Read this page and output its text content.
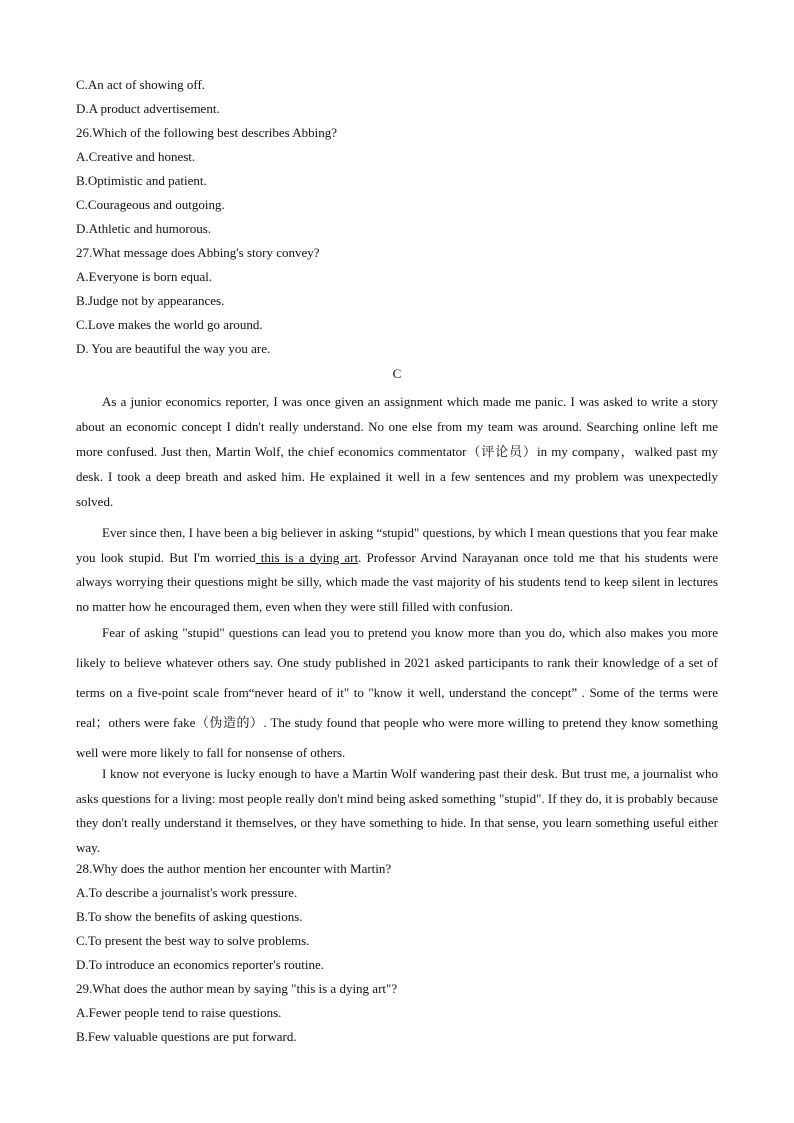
C.An act of showing off.
D.A product advertisement.
26.Which of the following best describes Abbing?
A.Creative and honest.
B.Optimistic and patient.
C.Courageous and outgoing.
D.Athletic and humorous.
27.What message does Abbing's story convey?
A.Everyone is born equal.
B.Judge not by appearances.
C.Love makes the world go around.
D. You are beautiful the way you are.
C

As a junior economics reporter, I was once given an assignment which made me panic. I was asked to write a story about an economic concept I didn't really understand. No one else from my team was around. Searching online left me more confused. Just then, Martin Wolf, the chief economics commentator（评论员）in my company，walked past my desk. I took a deep breath and asked him. He explained it well in a few sentences and my problem was unexpectedly solved.

Ever since then, I have been a big believer in asking “stupid" questions, by which I mean questions that you fear make you look stupid. But I'm worried this is a dying art. Professor Arvind Narayanan once told me that his students were always worrying their questions might be silly, which made the vast majority of his students tend to keep silent in lectures no matter how he encouraged them, even when they were still filled with confusion.

Fear of asking "stupid" questions can lead you to pretend you know more than you do, which also makes you more likely to believe whatever others say. One study published in 2021 asked participants to rank their knowledge of a set of terms on a five-point scale from“never heard of it" to "know it well, understand the concept” . Some of the terms were real；others were fake（伪造的）. The study found that people who were more willing to pretend they know something well were more likely to fall for nonsense of others.

I know not everyone is lucky enough to have a Martin Wolf wandering past their desk. But trust me, a journalist who asks questions for a living: most people really don't mind being asked something "stupid". If they do, it is probably because they don't really understand it themselves, or they have something to hide. In that sense, you learn something useful either way.

28.Why does the author mention her encounter with Martin?
A.To describe a journalist's work pressure.
B.To show the benefits of asking questions.
C.To present the best way to solve problems.
D.To introduce an economics reporter's routine.
29.What does the author mean by saying "this is a dying art"?
A.Fewer people tend to raise questions.
B.Few valuable questions are put forward.
